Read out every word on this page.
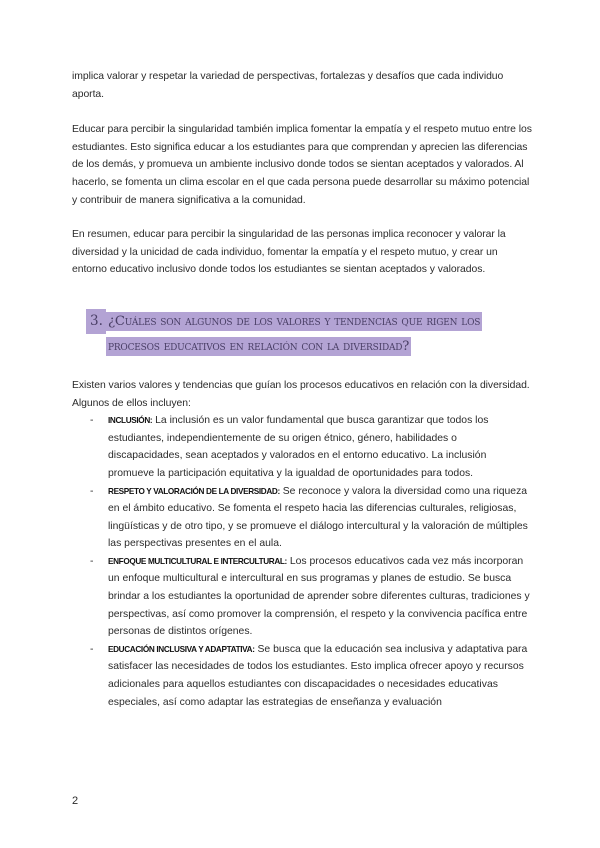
implica valorar y respetar la variedad de perspectivas, fortalezas y desafíos que cada individuo aporta.

Educar para percibir la singularidad también implica fomentar la empatía y el respeto mutuo entre los estudiantes. Esto significa educar a los estudiantes para que comprendan y aprecien las diferencias de los demás, y promueva un ambiente inclusivo donde todos se sientan aceptados y valorados. Al hacerlo, se fomenta un clima escolar en el que cada persona puede desarrollar su máximo potencial y contribuir de manera significativa a la comunidad.

En resumen, educar para percibir la singularidad de las personas implica reconocer y valorar la diversidad y la unicidad de cada individuo, fomentar la empatía y el respeto mutuo, y crear un entorno educativo inclusivo donde todos los estudiantes se sientan aceptados y valorados.

3. ¿Cuáles son algunos de los valores y tendencias que rigen los procesos educativos en relación con la diversidad?

Existen varios valores y tendencias que guían los procesos educativos en relación con la diversidad. Algunos de ellos incluyen:

- INCLUSIÓN: La inclusión es un valor fundamental que busca garantizar que todos los estudiantes, independientemente de su origen étnico, género, habilidades o discapacidades, sean aceptados y valorados en el entorno educativo. La inclusión promueve la participación equitativa y la igualdad de oportunidades para todos.
- RESPETO Y VALORACIÓN DE LA DIVERSIDAD: Se reconoce y valora la diversidad como una riqueza en el ámbito educativo. Se fomenta el respeto hacia las diferencias culturales, religiosas, lingüísticas y de otro tipo, y se promueve el diálogo intercultural y la valoración de múltiples las perspectivas presentes en el aula.
- ENFOQUE MULTICULTURAL E INTERCULTURAL: Los procesos educativos cada vez más incorporan un enfoque multicultural e intercultural en sus programas y planes de estudio. Se busca brindar a los estudiantes la oportunidad de aprender sobre diferentes culturas, tradiciones y perspectivas, así como promover la comprensión, el respeto y la convivencia pacífica entre personas de distintos orígenes.
- EDUCACIÓN INCLUSIVA Y ADAPTATIVA: Se busca que la educación sea inclusiva y adaptativa para satisfacer las necesidades de todos los estudiantes. Esto implica ofrecer apoyo y recursos adicionales para aquellos estudiantes con discapacidades o necesidades educativas especiales, así como adaptar las estrategias de enseñanza y evaluación
2
